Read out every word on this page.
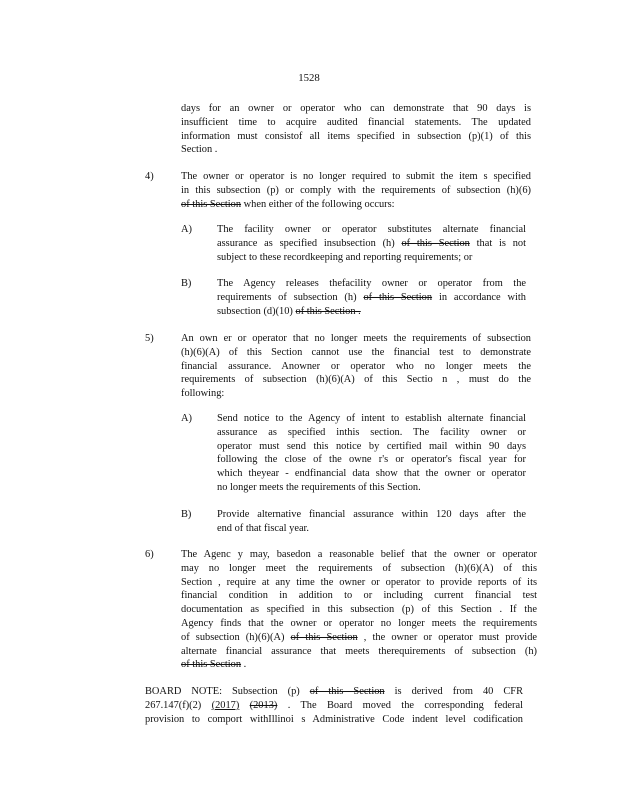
1528
days for an owner or operator who can demonstrate that 90 days is
insufficient time to acquire audited financial statements. The updated
information must consistof all items specified in subsection (p)(1) of this
Section .
4)	The owner or operator is no longer required to submit the item s specified
in this subsection (p) or comply with the requirements of subsection (h)(6)
of this Section when either of the following occurs:
A) The facility owner or operator substitutes alternate financial
assurance as specified insubsection (h) of this Section that is not
subject to these recordkeeping and reporting requirements; or
B) The Agency releases thefacility owner or operator from the
requirements of subsection (h) of this Section in accordance with
subsection (d)(10) of this Section .
5)	An own er or operator that no longer meets the requirements of subsection
(h)(6)(A) of this Section cannot use the financial test to demonstrate
financial assurance. Anowner or operator who no longer meets the
requirements of subsection (h)(6)(A) of this Sectio n , must do the
following:
A) Send notice to the Agency of intent to establish alternate financial
assurance as specified inthis section. The facility owner or
operator must send this notice by certified mail within 90 days
following the close of the owne r's or operator's fiscal year for
which theyear - endfinancial data show that the owner or operator
no longer meets the requirements of this Section.
B) Provide alternative financial assurance within 120 days after the
end of that fiscal year.
6)	The Agenc y may, basedon a reasonable belief that the owner or operator
may no longer meet the requirements of subsection (h)(6)(A) of this
Section , require at any time the owner or operator to provide reports of its
financial condition in addition to or including current financial test
documentation as specified in this subsection (p) of this Section . If the
Agency finds that the owner or operator no longer meets the requirements
of subsection (h)(6)(A) of this Section , the owner or operator must provide
alternate financial assurance that meets therequirements of subsection (h)
of this Section .
BOARD NOTE: Subsection (p) of this Section is derived from 40 CFR
267.147(f)(2) (2017) (2013) . The Board moved the corresponding federal
provision to comport withIllinoi s Administrative Code indent level codification
